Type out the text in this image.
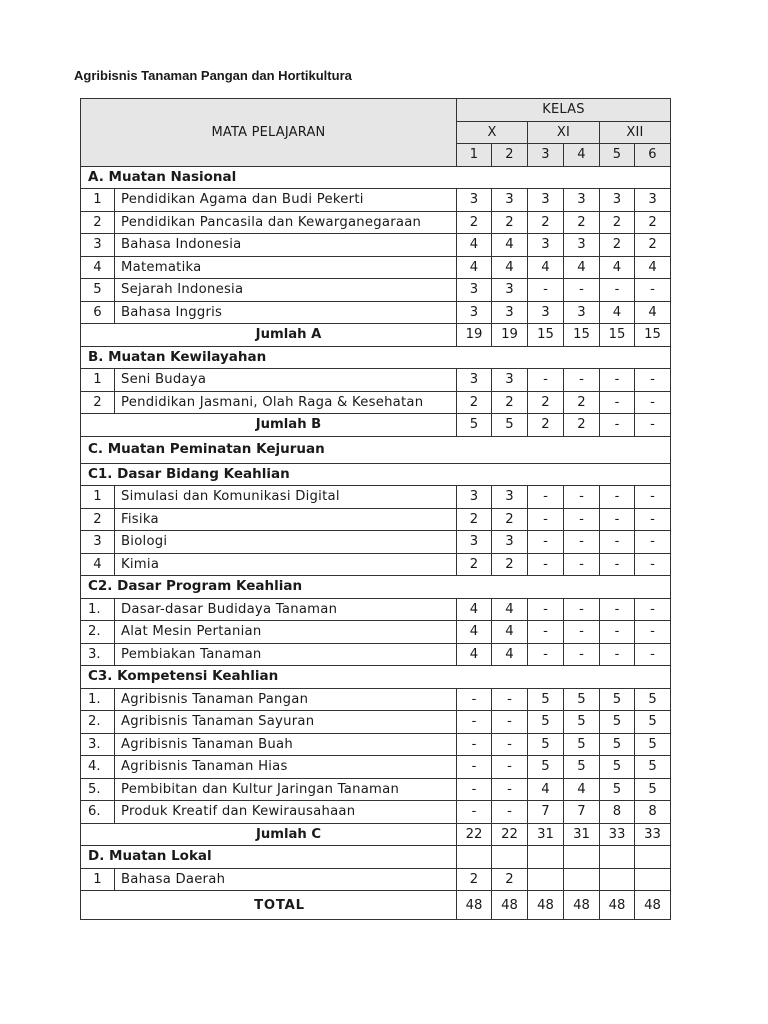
Agribisnis Tanaman Pangan dan Hortikultura
MATA PELAJARAN		KELAS					
		X		XI		XII	
		1	2	3	4	5	6
A. Muatan Nasional							
1	Pendidikan Agama dan Budi Pekerti	3	3	3	3	3	3
2	Pendidikan Pancasila dan Kewarganegaraan	2	2	2	2	2	2
3	Bahasa Indonesia	4	4	3	3	2	2
4	Matematika	4	4	4	4	4	4
5	Sejarah Indonesia	3	3	-	-	-	-
6	Bahasa Inggris	3	3	3	3	4	4
Jumlah A		19	19	15	15	15	15
B. Muatan Kewilayahan							
1	Seni Budaya	3	3	-	-	-	-
2	Pendidikan Jasmani, Olah Raga & Kesehatan	2	2	2	2	-	-
Jumlah B		5	5	2	2	-	-
C. Muatan Peminatan Kejuruan							
C1. Dasar Bidang Keahlian							
1	Simulasi dan Komunikasi Digital	3	3	-	-	-	-
2	Fisika	2	2	-	-	-	-
3	Biologi	3	3	-	-	-	-
4	Kimia	2	2	-	-	-	-
C2. Dasar Program Keahlian							
1.	Dasar-dasar Budidaya Tanaman	4	4	-	-	-	-
2.	Alat Mesin Pertanian	4	4	-	-	-	-
3.	Pembiakan Tanaman	4	4	-	-	-	-
C3. Kompetensi Keahlian							
1.	Agribisnis Tanaman Pangan	-	-	5	5	5	5
2.	Agribisnis Tanaman Sayuran	-	-	5	5	5	5
3.	Agribisnis Tanaman Buah	-	-	5	5	5	5
4.	Agribisnis Tanaman Hias	-	-	5	5	5	5
5.	Pembibitan dan Kultur Jaringan Tanaman	-	-	4	4	5	5
6.	Produk Kreatif dan Kewirausahaan	-	-	7	7	8	8
Jumlah C		22	22	31	31	33	33
D. Muatan Lokal							
1	Bahasa Daerah	2	2				
TOTAL		48	48	48	48	48	48
